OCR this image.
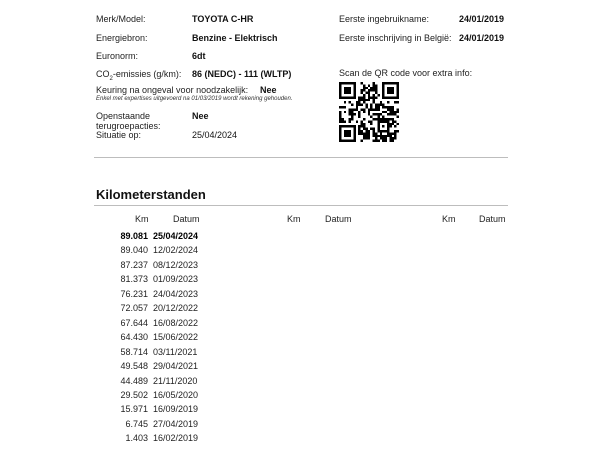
Merk/Model:	TOYOTA C-HR
Energiebron:	Benzine - Elektrisch
Euronorm:	6dt
$CO_2$-emissies (g/km): 86 (NEDC) - 111 (WLTP)
Keuring na ongeval voor noodzakelijk: Nee
Enkel met expertises uitgevoerd na 01/03/2019 wordt rekening gehouden.
Openstaande
terugroepacties:
Nee
Situatie op:	25/04/2024
Eerste ingebruikname:	24/01/2019
Eerste inschrijving in België: 24/01/2019
Scan de QR code voor extra info:
Kilometerstanden
Km	Datum	Km	Datum	Km	Datum
89.081 25/04/2024
89.040 12/02/2024
87.237 08/12/2023
81.373 01/09/2023
76.231 24/04/2023
72.057 20/12/2022
67.644 16/08/2022
64.430 15/06/2022
58.714 03/11/2021
49.548 29/04/2021
44.489 21/11/2020
29.502 16/05/2020
15.971 16/09/2019
6.745 27/04/2019
1.403 16/02/2019
